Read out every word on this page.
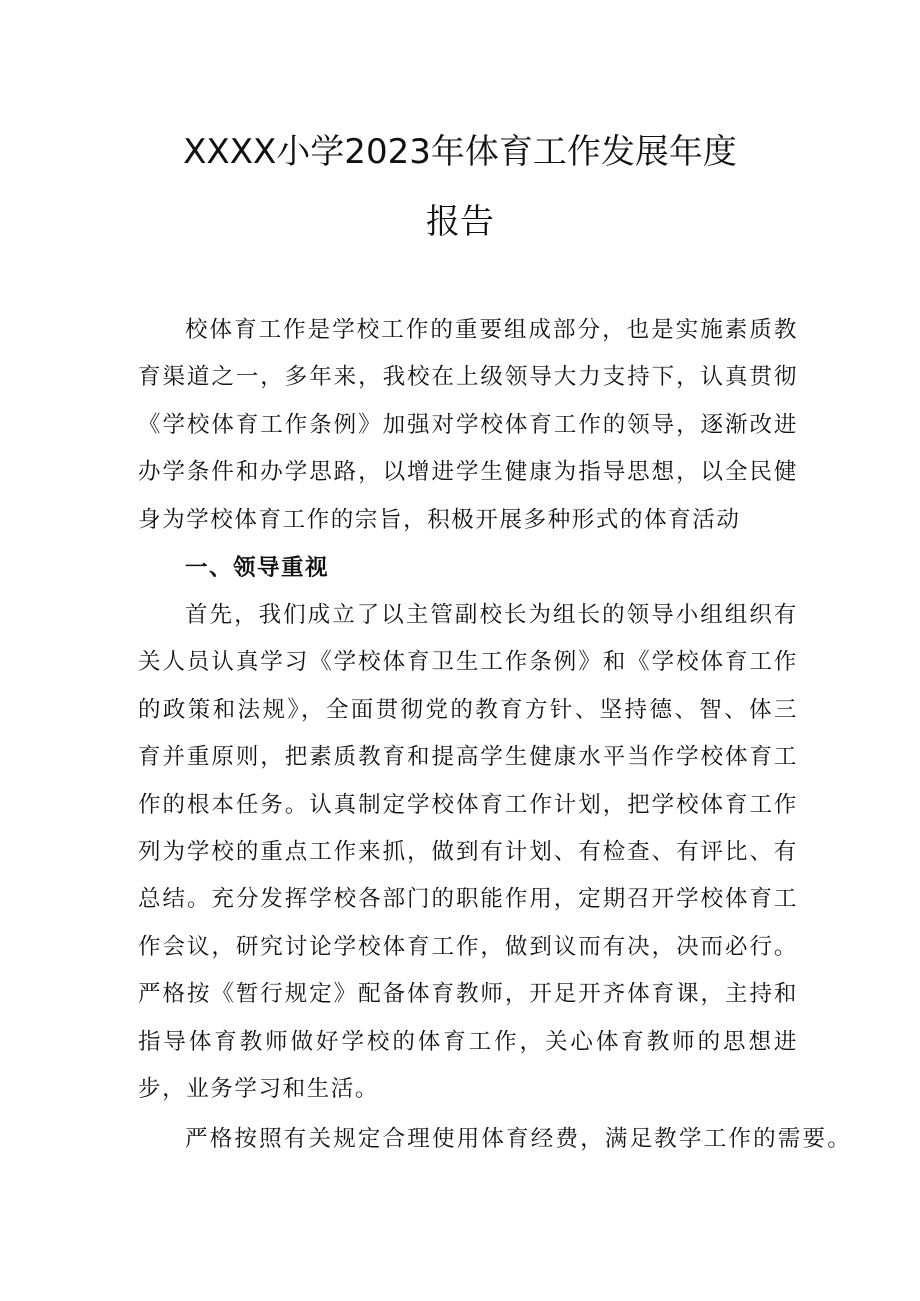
XXXX小学2023年体育工作发展年度
报告

校体育工作是学校工作的重要组成部分，也是实施素质教育渠道之一，多年来，我校在上级领导大力支持下，认真贯彻《学校体育工作条例》加强对学校体育工作的领导，逐渐改进办学条件和办学思路，以增进学生健康为指导思想，以全民健身为学校体育工作的宗旨，积极开展多种形式的体育活动

一、领导重视

首先，我们成立了以主管副校长为组长的领导小组组织有关人员认真学习《学校体育卫生工作条例》和《学校体育工作的政策和法规》，全面贯彻党的教育方针、坚持德、智、体三育并重原则，把素质教育和提高学生健康水平当作学校体育工作的根本任务。认真制定学校体育工作计划，把学校体育工作列为学校的重点工作来抓，做到有计划、有检查、有评比、有总结。充分发挥学校各部门的职能作用，定期召开学校体育工作会议，研究讨论学校体育工作，做到议而有决，决而必行。严格按《暂行规定》配备体育教师，开足开齐体育课，主持和指导体育教师做好学校的体育工作，关心体育教师的思想进步，业务学习和生活。

严格按照有关规定合理使用体育经费，满足教学工作的需要。
